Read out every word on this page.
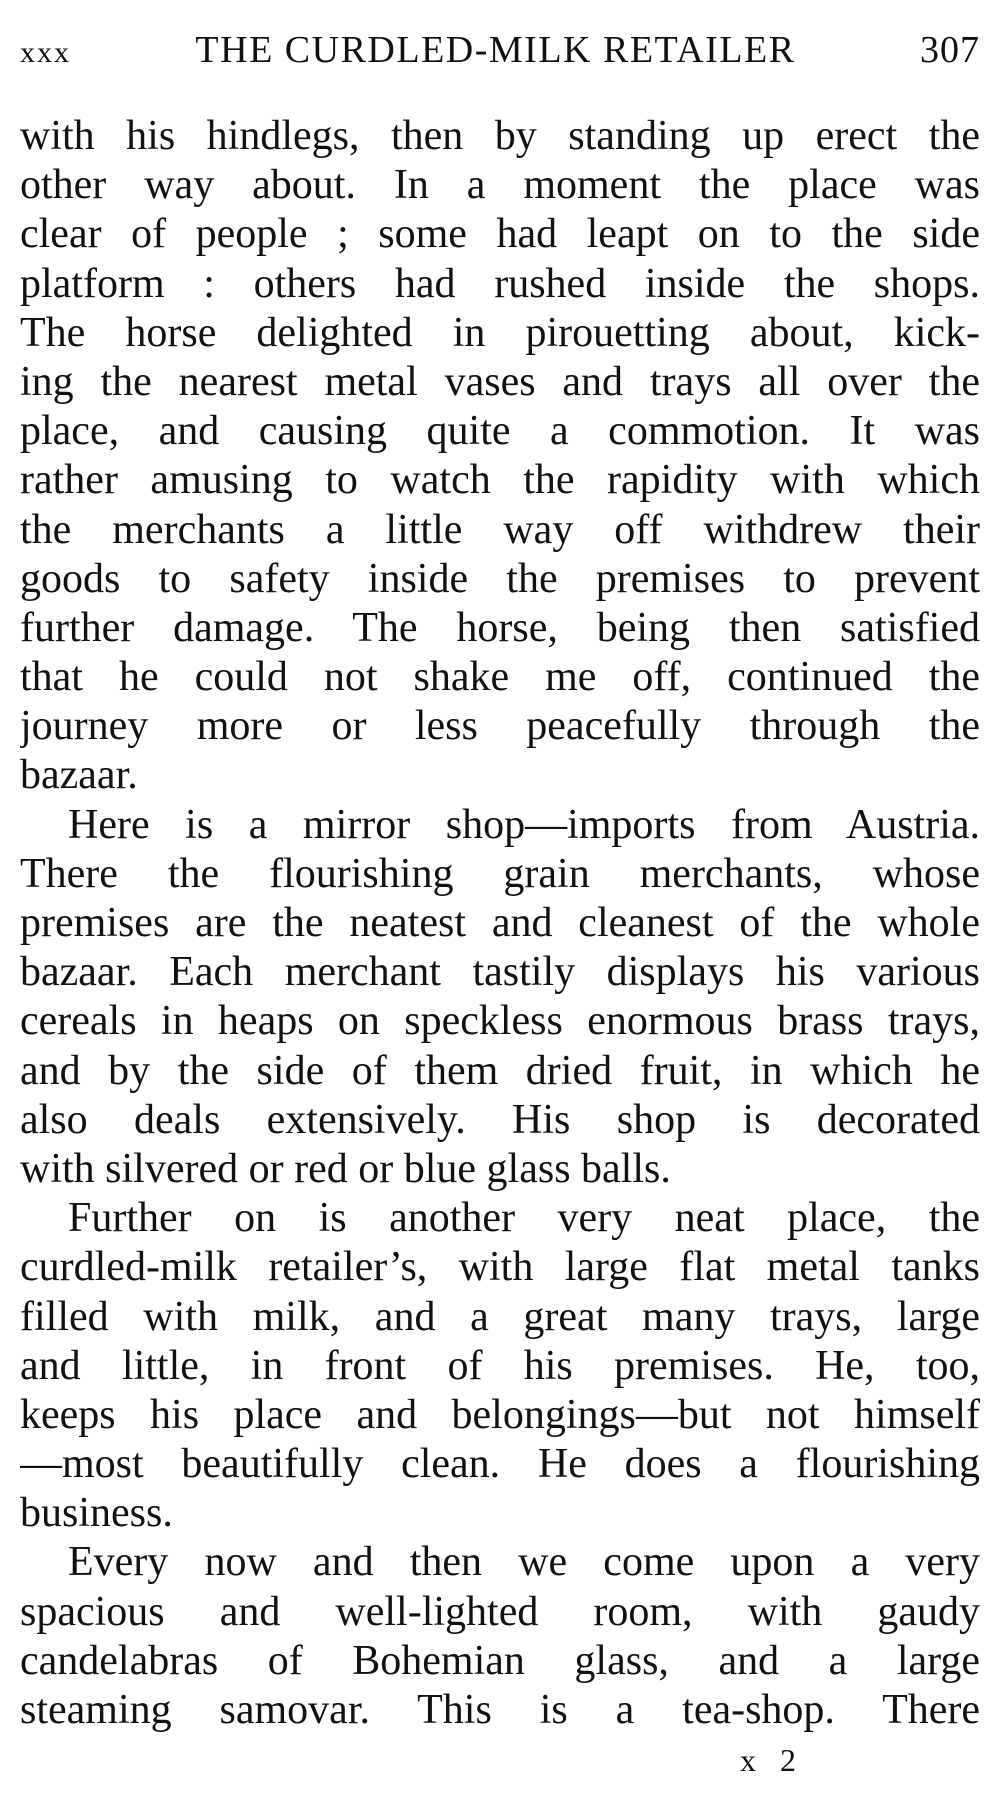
xxx	THE CURDLED-MILK RETAILER	307
with his hindlegs, then by standing up erect the
other way about. In a moment the place was
clear of people ; some had leapt on to the side
platform : others had rushed inside the shops.
The horse delighted in pirouetting about, kick-
ing the nearest metal vases and trays all over the
place, and causing quite a commotion. It was
rather amusing to watch the rapidity with which
the merchants a little way off withdrew their
goods to safety inside the premises to prevent
further damage. The horse, being then satisfied
that he could not shake me off, continued the
journey more or less peacefully through the
bazaar.
Here is a mirror shop—imports from Austria.
There the flourishing grain merchants, whose
premises are the neatest and cleanest of the whole
bazaar. Each merchant tastily displays his various
cereals in heaps on speckless enormous brass trays,
and by the side of them dried fruit, in which he
also deals extensively. His shop is decorated
with silvered or red or blue glass balls.
Further on is another very neat place, the
curdled-milk retailer’s, with large flat metal tanks
filled with milk, and a great many trays, large
and little, in front of his premises. He, too,
keeps his place and belongings—but not himself
—most beautifully clean. He does a flourishing
business.
Every now and then we come upon a very
spacious and well-lighted room, with gaudy
candelabras of Bohemian glass, and a large
steaming samovar. This is a tea-shop. There
x 2
